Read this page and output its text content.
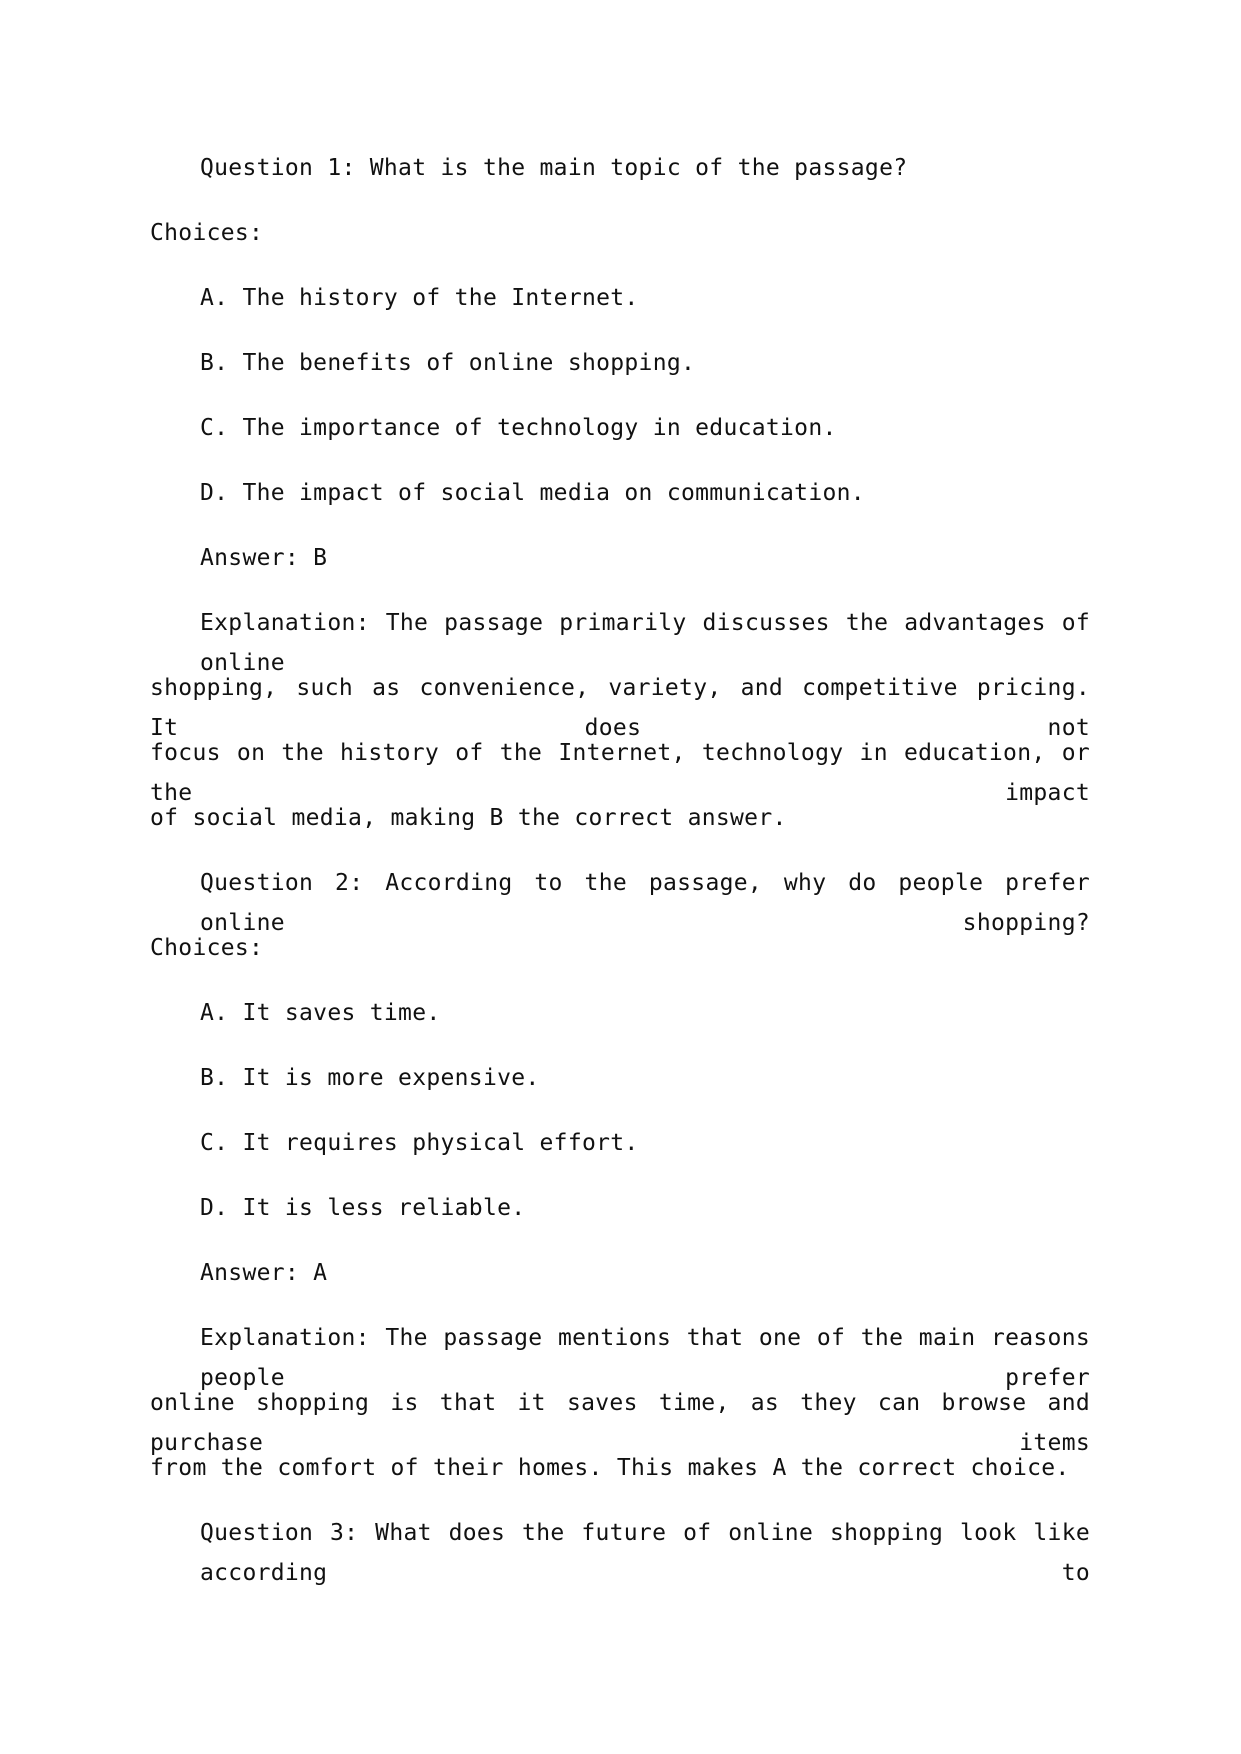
Question 1: What is the main topic of the passage?
Choices:
A. The history of the Internet.
B. The benefits of online shopping.
C. The importance of technology in education.
D. The impact of social media on communication.
Answer: B
Explanation: The passage primarily discusses the advantages of online
shopping, such as convenience, variety, and competitive pricing. It does not
focus on the history of the Internet, technology in education, or the impact
of social media, making B the correct answer.
Question 2: According to the passage, why do people prefer online shopping?
Choices:
A. It saves time.
B. It is more expensive.
C. It requires physical effort.
D. It is less reliable.
Answer: A
Explanation: The passage mentions that one of the main reasons people prefer
online shopping is that it saves time, as they can browse and purchase items
from the comfort of their homes. This makes A the correct choice.
Question 3: What does the future of online shopping look like according to
